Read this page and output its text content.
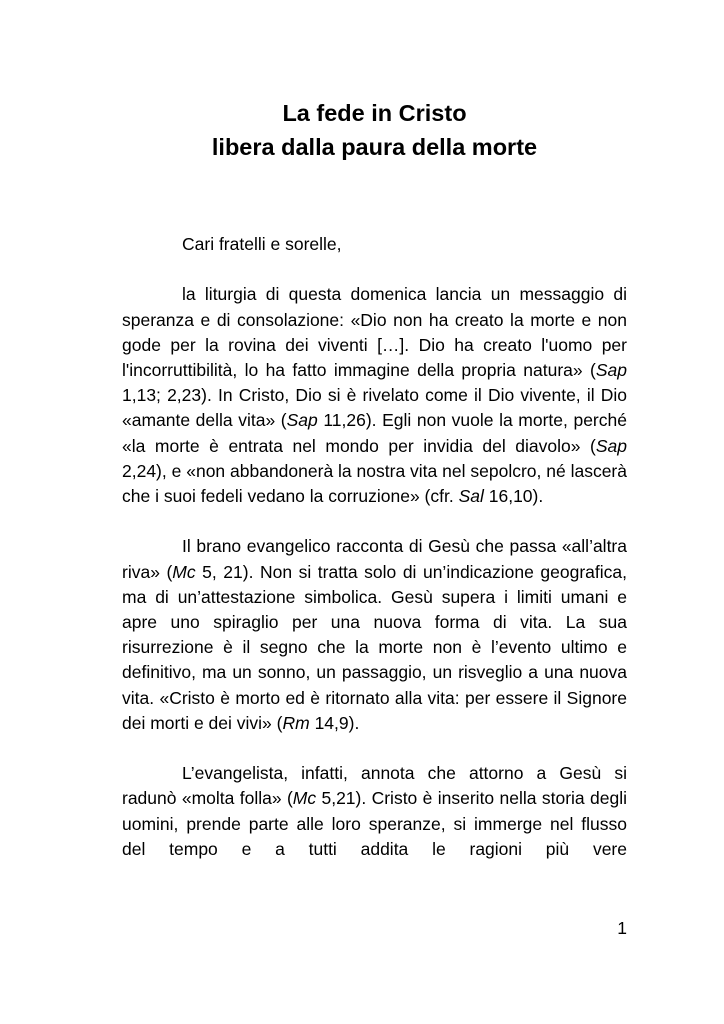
La fede in Cristo
libera dalla paura della morte

Cari fratelli e sorelle,

la liturgia di questa domenica lancia un messaggio di speranza e di consolazione: «Dio non ha creato la morte e non gode per la rovina dei viventi […]. Dio ha creato l'uomo per l'incorruttibilità, lo ha fatto immagine della propria natura» (Sap 1,13; 2,23). In Cristo, Dio si è rivelato come il Dio vivente, il Dio «amante della vita» (Sap 11,26). Egli non vuole la morte, perché «la morte è entrata nel mondo per invidia del diavolo» (Sap 2,24), e «non abbandonerà la nostra vita nel sepolcro, né lascerà che i suoi fedeli vedano la corruzione» (cfr. Sal 16,10).

Il brano evangelico racconta di Gesù che passa «all’altra riva» (Mc 5, 21). Non si tratta solo di un’indicazione geografica, ma di un’attestazione simbolica. Gesù supera i limiti umani e apre uno spiraglio per una nuova forma di vita. La sua risurrezione è il segno che la morte non è l’evento ultimo e definitivo, ma un sonno, un passaggio, un risveglio a una nuova vita. «Cristo è morto ed è ritornato alla vita: per essere il Signore dei morti e dei vivi» (Rm 14,9).

L’evangelista, infatti, annota che attorno a Gesù si radunò «molta folla» (Mc 5,21). Cristo è inserito nella storia degli uomini, prende parte alle loro speranze, si immerge nel flusso del tempo e a tutti addita le ragioni più vere

1
